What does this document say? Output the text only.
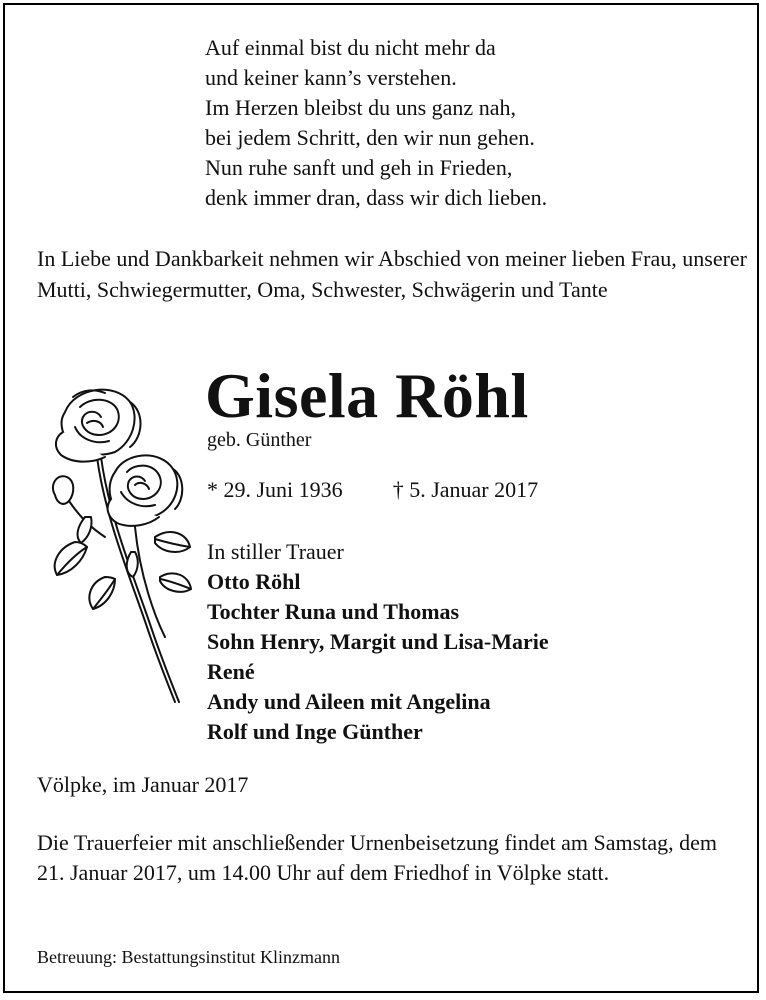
Auf einmal bist du nicht mehr da
und keiner kann’s verstehen.
Im Herzen bleibst du uns ganz nah,
bei jedem Schritt, den wir nun gehen.
Nun ruhe sanft und geh in Frieden,
denk immer dran, dass wir dich lieben.
In Liebe und Dankbarkeit nehmen wir Abschied von meiner lieben Frau, unserer Mutti, Schwiegermutter, Oma, Schwester, Schwägerin und Tante
Gisela Röhl
geb. Günther
* 29. Juni 1936 † 5. Januar 2017
In stiller Trauer
Otto Röhl
Tochter Runa und Thomas
Sohn Henry, Margit und Lisa-Marie
René
Andy und Aileen mit Angelina
Rolf und Inge Günther
Völpke, im Januar 2017
Die Trauerfeier mit anschließender Urnenbeisetzung findet am Samstag, dem 21. Januar 2017, um 14.00 Uhr auf dem Friedhof in Völpke statt.
Betreuung: Bestattungsinstitut Klinzmann
